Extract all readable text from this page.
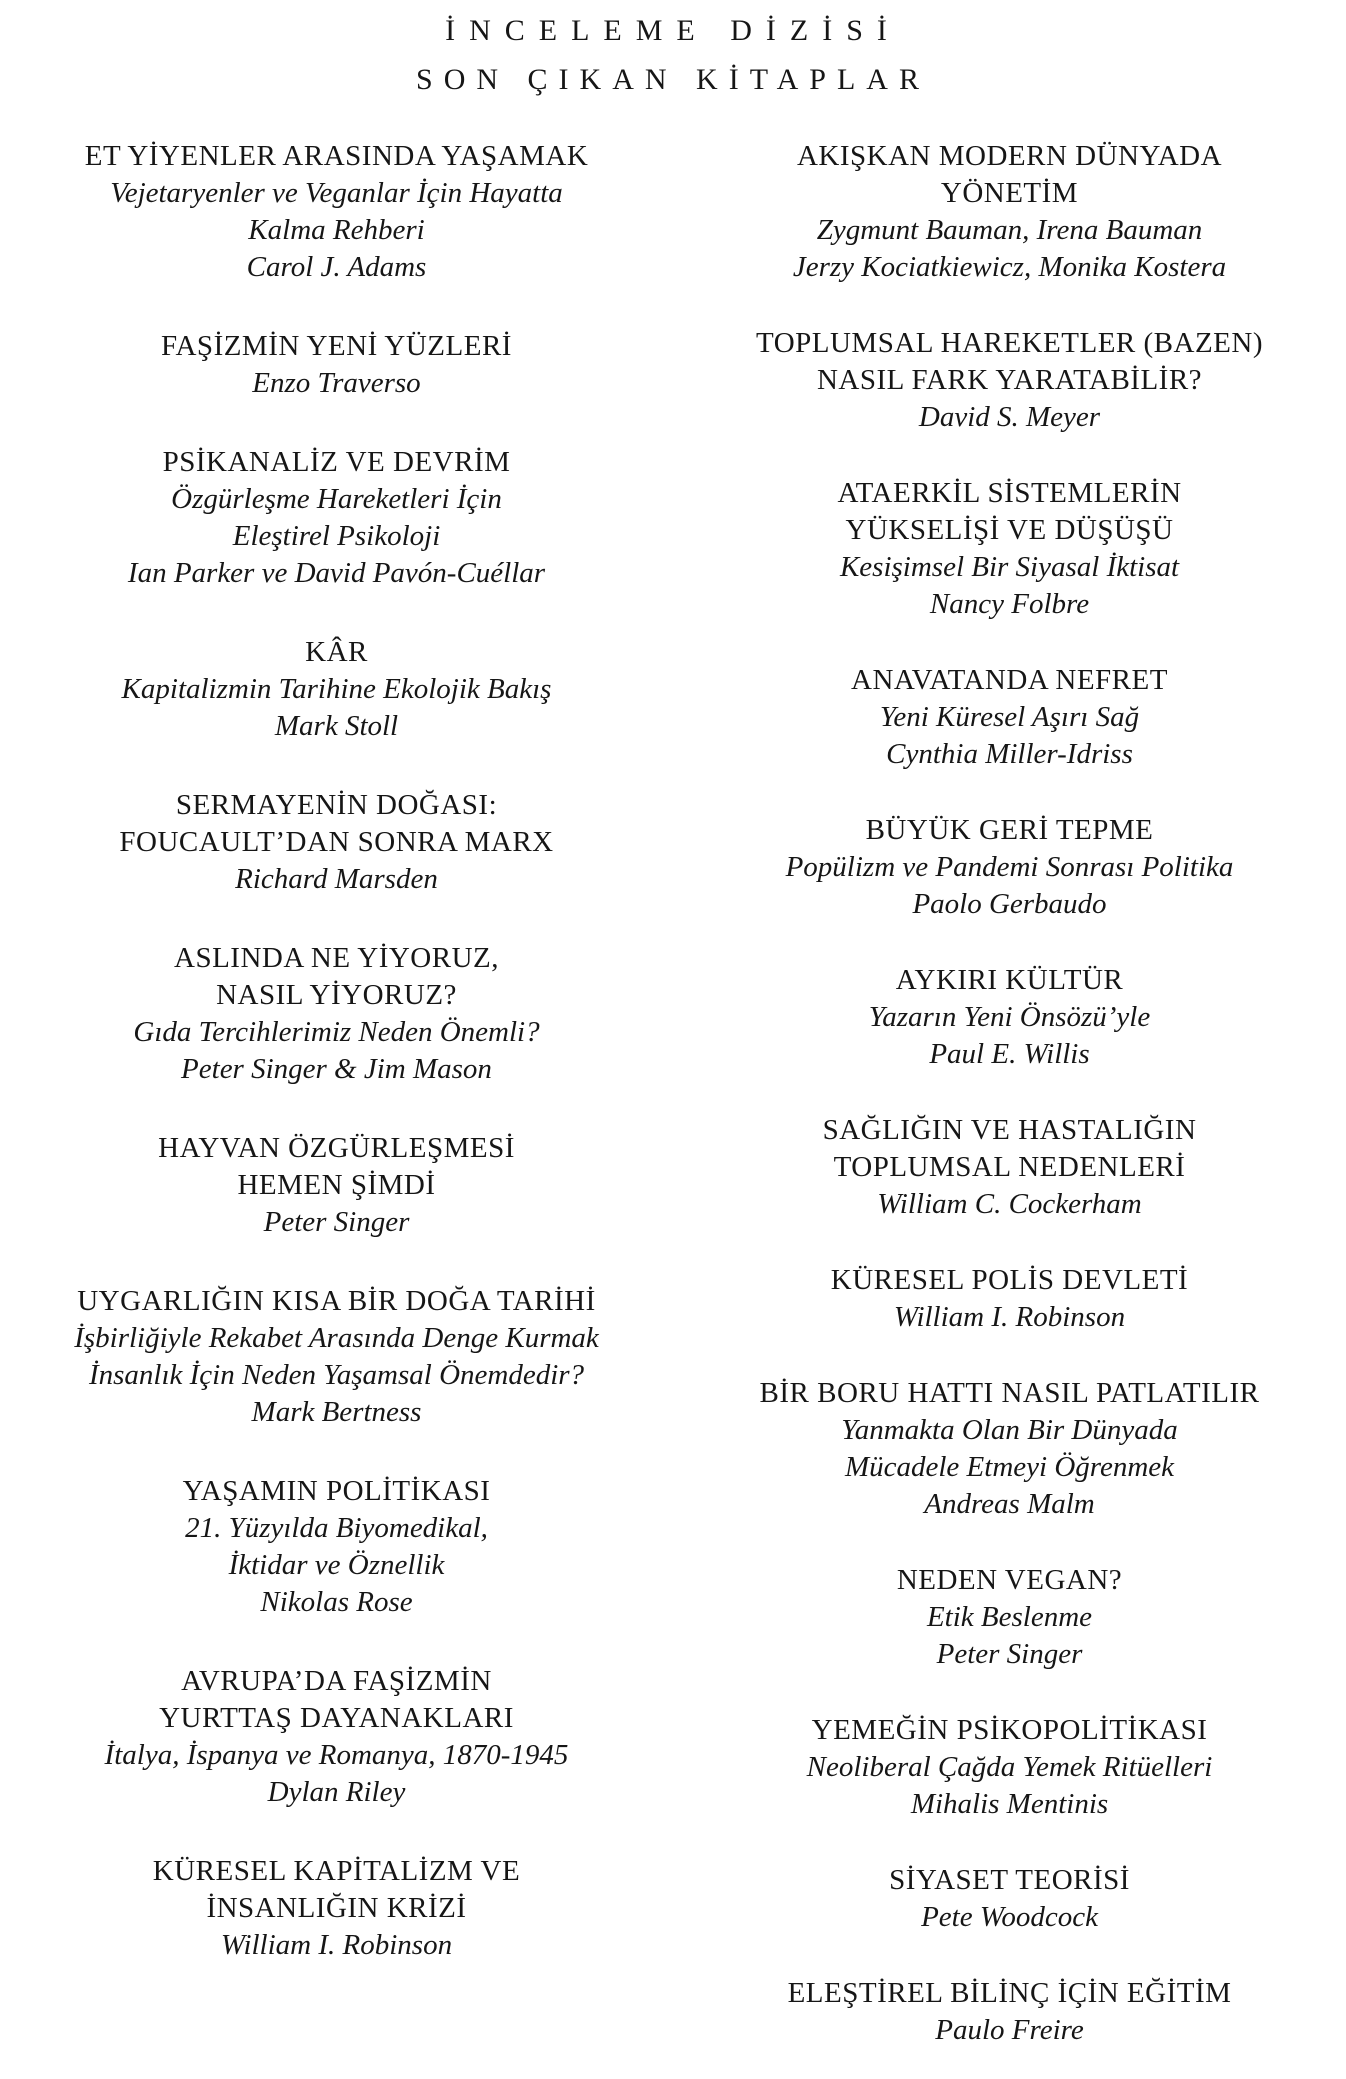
İNCELEME DİZİSİ
SON ÇIKAN KİTAPLAR
ET YİYENLER ARASINDA YAŞAMAK
Vejetaryenler ve Veganlar İçin Hayatta
Kalma Rehberi
Carol J. Adams
FAŞİZMİN YENİ YÜZLERİ
Enzo Traverso
PSİKANALİZ VE DEVRİM
Özgürleşme Hareketleri İçin
Eleştirel Psikoloji
Ian Parker ve David Pavón-Cuéllar
KÂR
Kapitalizmin Tarihine Ekolojik Bakış
Mark Stoll
SERMAYENİN DOĞASI:
FOUCAULT’DAN SONRA MARX
Richard Marsden
ASLINDA NE YİYORUZ,
NASIL YİYORUZ?
Gıda Tercihlerimiz Neden Önemli?
Peter Singer & Jim Mason
HAYVAN ÖZGÜRLEŞMESİ
HEMEN ŞİMDİ
Peter Singer
UYGARLIĞIN KISA BİR DOĞA TARİHİ
İşbirliğiyle Rekabet Arasında Denge Kurmak
İnsanlık İçin Neden Yaşamsal Önemdedir?
Mark Bertness
YAŞAMIN POLİTİKASI
21. Yüzyılda Biyomedikal,
İktidar ve Öznellik
Nikolas Rose
AVRUPA’DA FAŞİZMİN
YURTTAŞ DAYANAKLARI
İtalya, İspanya ve Romanya, 1870-1945
Dylan Riley
KÜRESEL KAPİTALİZM VE
İNSANLIĞIN KRİZİ
William I. Robinson
AKIŞKAN MODERN DÜNYADA
YÖNETİM
Zygmunt Bauman, Irena Bauman
Jerzy Kociatkiewicz, Monika Kostera
TOPLUMSAL HAREKETLER (BAZEN)
NASIL FARK YARATABİLİR?
David S. Meyer
ATAERKİL SİSTEMLERİN
YÜKSELİŞİ VE DÜŞÜŞÜ
Kesişimsel Bir Siyasal İktisat
Nancy Folbre
ANAVATANDA NEFRET
Yeni Küresel Aşırı Sağ
Cynthia Miller-Idriss
BÜYÜK GERİ TEPME
Popülizm ve Pandemi Sonrası Politika
Paolo Gerbaudo
AYKIRI KÜLTÜR
Yazarın Yeni Önsözü’yle
Paul E. Willis
SAĞLIĞIN VE HASTALIĞIN
TOPLUMSAL NEDENLERİ
William C. Cockerham
KÜRESEL POLİS DEVLETİ
William I. Robinson
BİR BORU HATTI NASIL PATLATILIR
Yanmakta Olan Bir Dünyada
Mücadele Etmeyi Öğrenmek
Andreas Malm
NEDEN VEGAN?
Etik Beslenme
Peter Singer
YEMEĞİN PSİKOPOLİTİKASI
Neoliberal Çağda Yemek Ritüelleri
Mihalis Mentinis
SİYASET TEORİSİ
Pete Woodcock
ELEŞTİREL BİLİNÇ İÇİN EĞİTİM
Paulo Freire
